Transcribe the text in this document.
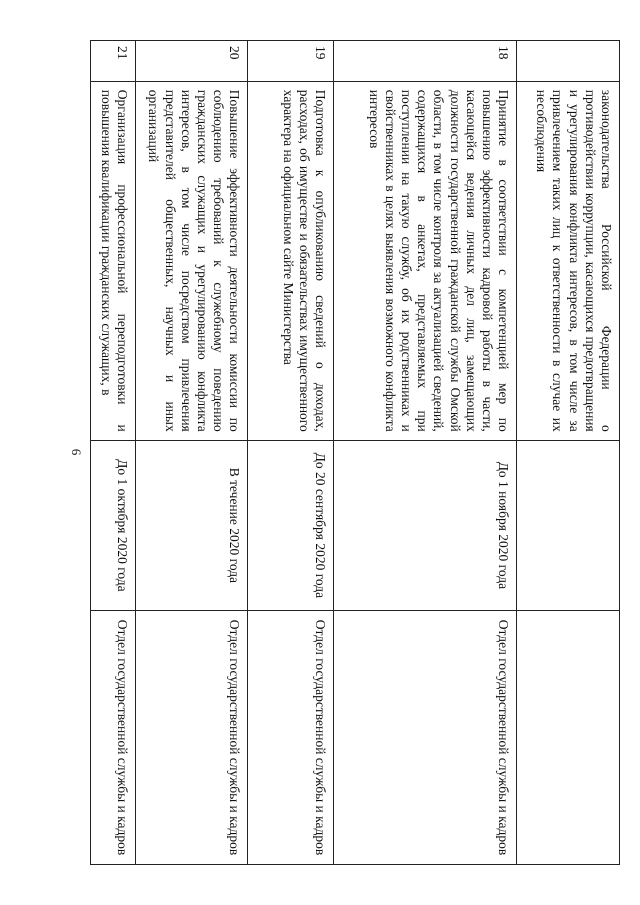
6
	законодательства Российской Федерации о противодействии коррупции, касающихся предотвращения и урегулирования конфликта интересов, в том числе за привлечением таких лиц к ответственности в случае их несоблюдения		
18	Принятие в соответствии с компетенцией мер по повышению эффективности кадровой работы в части, касающейся ведения личных дел лиц, замещающих должности государственной гражданской службы Омской области, в том числе контроля за актуализацией сведений, содержащихся в анкетах, представляемых при поступлении на такую службу, об их родственниках и свойственниках в целях выявления возможного конфликта интересов	До 1 ноября 2020 года	Отдел государственной службы и кадров
19	Подготовка к опубликованию сведений о доходах, расходах, об имуществе и обязательствах имущественного характера на официальном сайте Министерства	До 20 сентября 2020 года	Отдел государственной службы и кадров
20	Повышение эффективности деятельности комиссии по соблюдению требований к служебному поведению гражданских служащих и урегулированию конфликта интересов, в том числе посредством привлечения представителей общественных, научных и иных организаций	В течение 2020 года	Отдел государственной службы и кадров
21	Организация профессиональной переподготовки и повышения квалификации гражданских служащих, в	До 1 октября 2020 года	Отдел государственной службы и кадров
